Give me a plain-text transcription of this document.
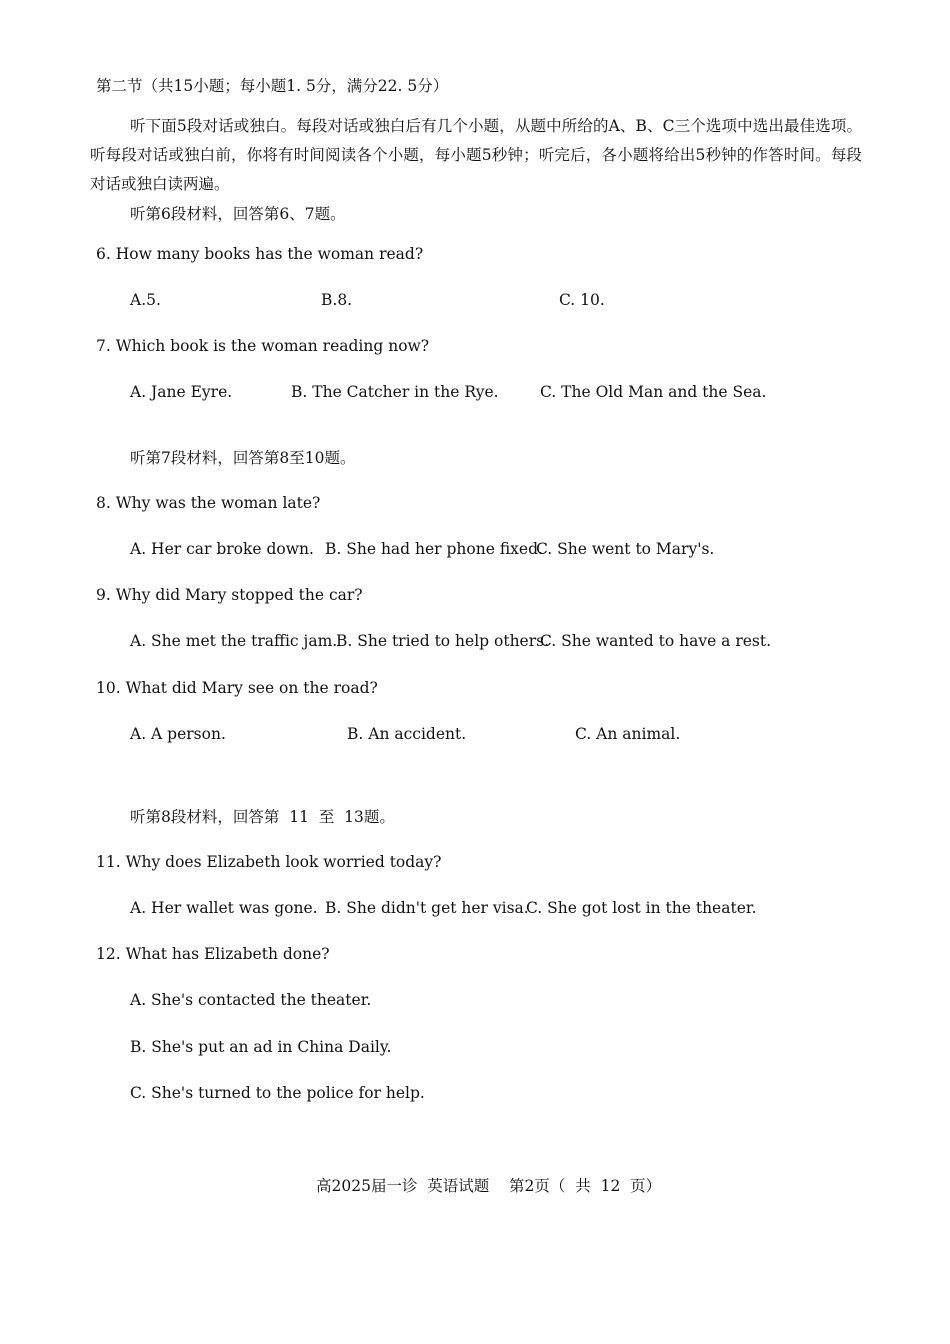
第二节（共15小题；每小题1. 5分，满分22. 5分）
听下面5段对话或独白。每段对话或独白后有几个小题，从题中所给的A、B、C三个选项中选出最佳选项。听每段对话或独白前，你将有时间阅读各个小题，每小题5秒钟；听完后，各小题将给出5秒钟的作答时间。每段对话或独白读两遍。
听第6段材料，回答第6、7题。
6. How many books has the woman read?
A.5.	B.8.	C. 10.
7. Which book is the woman reading now?
A. Jane Eyre.	B. The Catcher in the Rye.	C. The Old Man and the Sea.
听第7段材料，回答第8至10题。
8. Why was the woman late?
A. Her car broke down. B. She had her phone fixed.
C. She went to Mary's.
9. Why did Mary stopped the car?
A. She met the traffic jam.
B. She tried to help others.
C. She wanted to have a rest.
10. What did Mary see on the road?
A. A person.	B. An accident.	C. An animal.
听第8段材料，回答第  11  至  13题。
11. Why does Elizabeth look worried today?
A. Her wallet was gone. B. She didn't get her visa.
C. She got lost in the theater.
12. What has Elizabeth done?
A. She's contacted the theater.
B. She's put an ad in China Daily.
C. She's turned to the police for help.
高2025届一诊  英语试题    第2页（  共  12  页）
